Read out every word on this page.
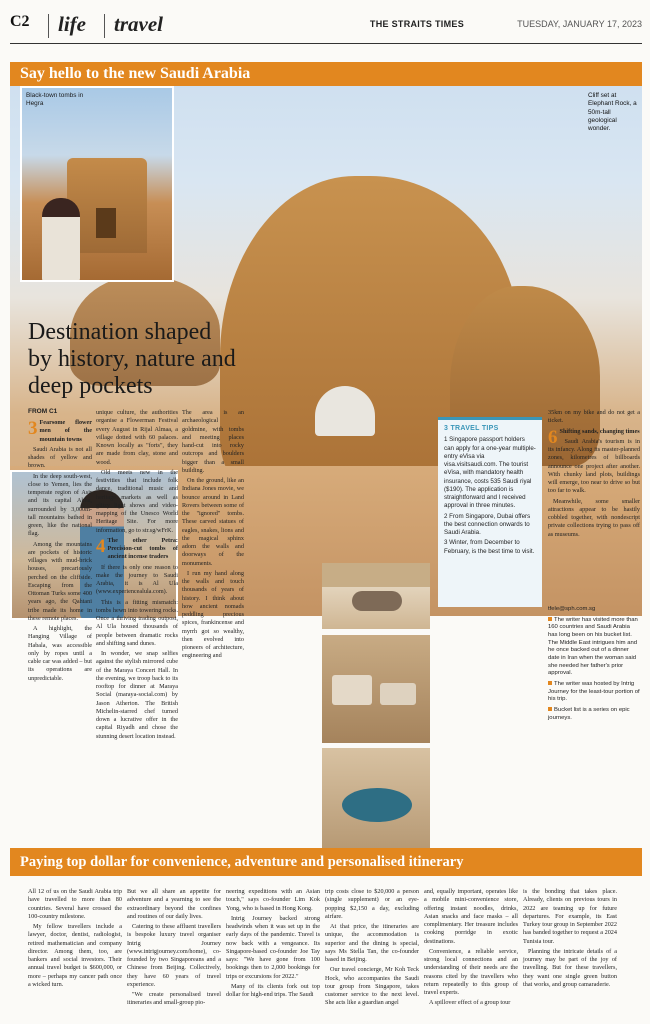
C2 life travel	THE STRAITS TIMES	TUESDAY, JANUARY 17, 2023
Say hello to the new Saudi Arabia
Black-town tombs in Hegra
Cliff set at Elephant Rock, a 50m-tall geological wonder.
Destination shaped by history, nature and deep pockets
FROM C1

3 Fearsome flower men of the mountain towns

Saudi Arabia is not all shades of yellow and brown.

In the deep south-west, close to Yemen, lies the temperate region of Asir and its capital Abha, surrounded by 3,000m-tall mountains bathed in green, like the national flag.

Among the mountains are pockets of historic villages with mud-brick houses, precariously perched on the cliffside. Escaping from the Ottoman Turks some 400 years ago, the Qahtani tribe made its home in these remote places.

A highlight, the Hanging Village of Habala, was accessible only by ropes until a cable car was added – but its operations are unpredictable.

unique culture, the authorities organise a Flowerman Festival every August in Rijal Almaa, a village dotted with 60 palaces. Known locally as "forts", they are made from clay, stone and wood.

Old meets new in the festivities that include folk dance, traditional music and heritage markets as well as glitzy light shows and video-mapping of the Unesco World Heritage Site. For more information, go to str.sg/wFrK.

4 The other Petra: Precision-cut tombs of ancient incense traders

If there is only one reason to make the journey to Saudi Arabia, it is Al Ula (www.experiencealula.com).

This is a fitting mismatch: tombs hewn into towering rocks. Once a thriving trading outpost, Al Ula housed thousands of people between dramatic rocks and shifting sand dunes.

In wonder, we snap selfies against the stylish mirrored cube of the Maraya Concert Hall. In the evening, we troop back to its rooftop for dinner at Maraya Social (maraya-social.com) by Jason Atherton. The British Michelin-starred chef turned down a lucrative offer in the capital Riyadh and chose the stunning desert location instead.

The area is an archaeological goldmine, with tombs and meeting places hand-cut into rocky outcrops and boulders bigger than a small building.

On the ground, like an Indiana Jones movie, we bounce around in Land Rovers between some of the "ignored" tombs. These carved statues of eagles, snakes, lions and the magical sphinx adorn the walls and doorways of the monuments.

I run my hand along the walls and touch thousands of years of history. I think about how ancient nomads peddling precious spices, frankincense and myrrh got so wealthy, then evolved into pioneers of architecture, engineering and

3 TRAVEL TIPS

1 Singapore passport holders can apply for a one-year multiple-entry eVisa via visa.visitsaudi.com. The tourist eVisa, with mandatory health insurance, costs 535 Saudi riyal ($190). The application is straightforward and I received approval in three minutes.

2 From Singapore, Dubai offers the best connection onwards to Saudi Arabia.

3 Winter, from December to February, is the best time to visit.

35km on my bike and do not get a ticket.

6 Shifting sands, changing times

Saudi Arabia's tourism is in its infancy. Along its master-planned zones, kilometres of billboards announce one project after another. With chunky land plots, buildings will emerge, too near to drive so but too far to walk.

Meanwhile, some smaller attractions appear to be hastily cobbled together, with nondescript private collections trying to pass off as museums.

tfele@sph.com.sg

The writer has visited more than 160 countries and Saudi Arabia has long been on his bucket list. The Middle East intrigues him and he once backed out of a dinner date in Iran when the woman said she needed her father's prior approval.

The writer was hosted by Intrig Journey for the least-tour portion of his trip.

Bucket list is a series on epic journeys.

Paying top dollar for convenience, adventure and personalised itinerary

All 12 of us on the Saudi Arabia trip have travelled to more than 80 countries. Several have crossed the 100-country milestone.

My fellow travellers include a lawyer, doctor, dentist, radiologist, retired mathematician and company director. Among them, too, are bankers and social investors. Their annual travel budget is $600,000, or more – perhaps my cancer path once a wicked turn.

But we all share an appetite for adventure and a yearning to see the extraordinary beyond the confines and routines of our daily lives.

Catering to these affluent travellers is bespoke luxury travel organiser Intrig Journey (www.intrigjourney.com/home), co-founded by two Singaporeans and a Chinese from Beijing. Collectively, they have 60 years of travel experience.

"We create personalised travel itineraries and small-group pio-

neering expeditions with an Asian touch," says co-founder Lim Kok Yong, who is based in Hong Kong.

Intrig Journey backed strong headwinds when it was set up in the early days of the pandemic. Travel is now back with a vengeance. Its Singapore-based co-founder Joe Tay says: "We have gone from 100 bookings then to 2,000 bookings for trips or excursions for 2022."

Many of its clients fork out top dollar for high-end trips. The Saudi

trip costs close to $20,000 a person (single supplement) or an eye-popping $2,150 a day, excluding airfare.

At that price, the itineraries are unique, the accommodation is superior and the dining is special, says Ms Stella Tan, the co-founder based in Beijing.

Our travel concierge, Mr Koh Teck Hock, who accompanies the Saudi tour group from Singapore, takes customer service to the next level. She acts like a guardian angel

and, equally important, operates like a mobile mini-convenience store, offering instant noodles, drinks, Asian snacks and face masks – all complimentary. Her treasure includes cooking porridge in exotic destinations.

Convenience, a reliable service, strong local connections and an understanding of their needs are the reasons cited by the travellers who return repeatedly to this group of travel experts.

A spillover effect of a group tour

is the bonding that takes place. Already, clients on previous tours in 2022 are teaming up for future departures. For example, its East Turkey tour group in September 2022 has banded together to request a 2024 Tunisia tour.

Planning the intricate details of a journey may be part of the joy of travelling. But for these travellers, they want one single green button that works, and group camaraderie.
